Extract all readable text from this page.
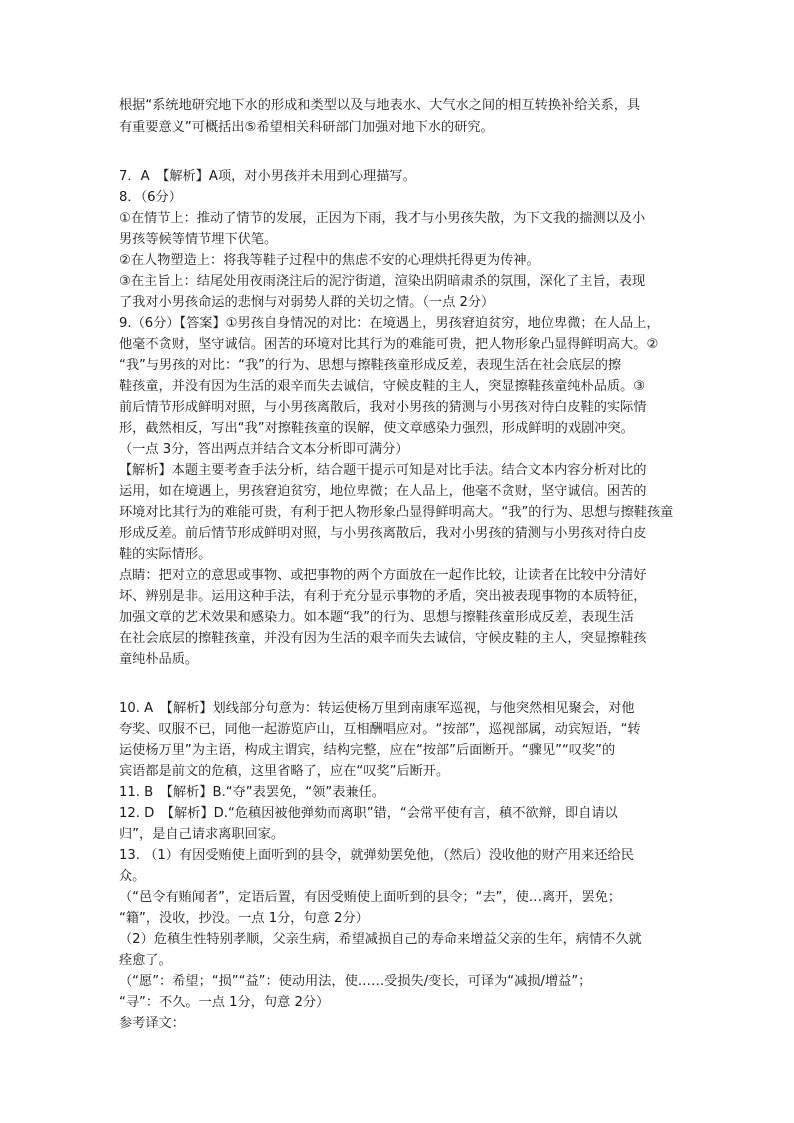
根据“系统地研究地下水的形成和类型以及与地表水、大气水之间的相互转换补给关系，具
有重要意义”可概括出⑤希望相关科研部门加强对地下水的研究。
7．A　【解析】A项，对小男孩并未用到心理描写。
8．（6分）
①在情节上：推动了情节的发展，正因为下雨，我才与小男孩失散，为下文我的揣测以及小
男孩等候等情节埋下伏笔。
②在人物塑造上：将我等鞋子过程中的焦虑不安的心理烘托得更为传神。
③在主旨上：结尾处用夜雨浇注后的泥泞街道，渲染出阴暗肃杀的氛围，深化了主旨，表现
了我对小男孩命运的悲悯与对弱势人群的关切之情。（一点 2分）
9.（6分）【答案】①男孩自身情况的对比：在境遇上，男孩窘迫贫穷，地位卑微；在人品上，
他毫不贪财，坚守诚信。困苦的环境对比其行为的难能可贵，把人物形象凸显得鲜明高大。②
“我”与男孩的对比：“我”的行为、思想与擦鞋孩童形成反差，表现生活在社会底层的擦
鞋孩童，并没有因为生活的艰辛而失去诚信，守候皮鞋的主人，突显擦鞋孩童纯朴品质。③
前后情节形成鲜明对照，与小男孩离散后，我对小男孩的猜测与小男孩对待白皮鞋的实际情
形，截然相反，写出“我”对擦鞋孩童的误解，使文章感染力强烈，形成鲜明的戏剧冲突。
（一点 3分，答出两点并结合文本分析即可满分）
【解析】本题主要考查手法分析，结合题干提示可知是对比手法。结合文本内容分析对比的
运用，如在境遇上，男孩窘迫贫穷，地位卑微；在人品上，他毫不贪财，坚守诚信。困苦的
环境对比其行为的难能可贵，有利于把人物形象凸显得鲜明高大。“我”的行为、思想与擦鞋孩童
形成反差。前后情节形成鲜明对照，与小男孩离散后，我对小男孩的猜测与小男孩对待白皮
鞋的实际情形。
点睛：把对立的意思或事物、或把事物的两个方面放在一起作比较，让读者在比较中分清好
坏、辨别是非。运用这种手法，有利于充分显示事物的矛盾，突出被表现事物的本质特征，
加强文章的艺术效果和感染力。如本题“我”的行为、思想与擦鞋孩童形成反差，表现生活
在社会底层的擦鞋孩童，并没有因为生活的艰辛而失去诚信，守候皮鞋的主人，突显擦鞋孩
童纯朴品质。
10. A　【解析】划线部分句意为：转运使杨万里到南康军巡视，与他突然相见聚会，对他
夸奖、叹服不已，同他一起游览庐山，互相酬唱应对。“按部”，巡视部属，动宾短语，“转
运使杨万里”为主语，构成主谓宾，结构完整，应在“按部”后面断开。“骤见”“叹奖”的
宾语都是前文的危稹，这里省略了，应在“叹奖”后断开。
11. B　【解析】B.“夺”表罢免，“领”表兼任。
12. D　【解析】D.“危稹因被他弹劾而离职”错，“会常平使有言，稹不欲辩，即自请以
归”，是自己请求离职回家。
13. （1）有因受贿使上面听到的县令，就弹劾罢免他，（然后）没收他的财产用来还给民
众。
（“邑令有贿闻者”，定语后置，有因受贿使上面听到的县令；“去”，使…离开，罢免；
“籍”，没收，抄没。一点 1分，句意 2分）
（2）危稹生性特别孝顺，父亲生病，希望减损自己的寿命来增益父亲的生年，病情不久就
痊愈了。
（“愿”：希望；“损”“益”：使动用法，使……受损失/变长，可译为“减损/增益”；
“寻”：不久。一点 1分，句意 2分）
参考译文：
